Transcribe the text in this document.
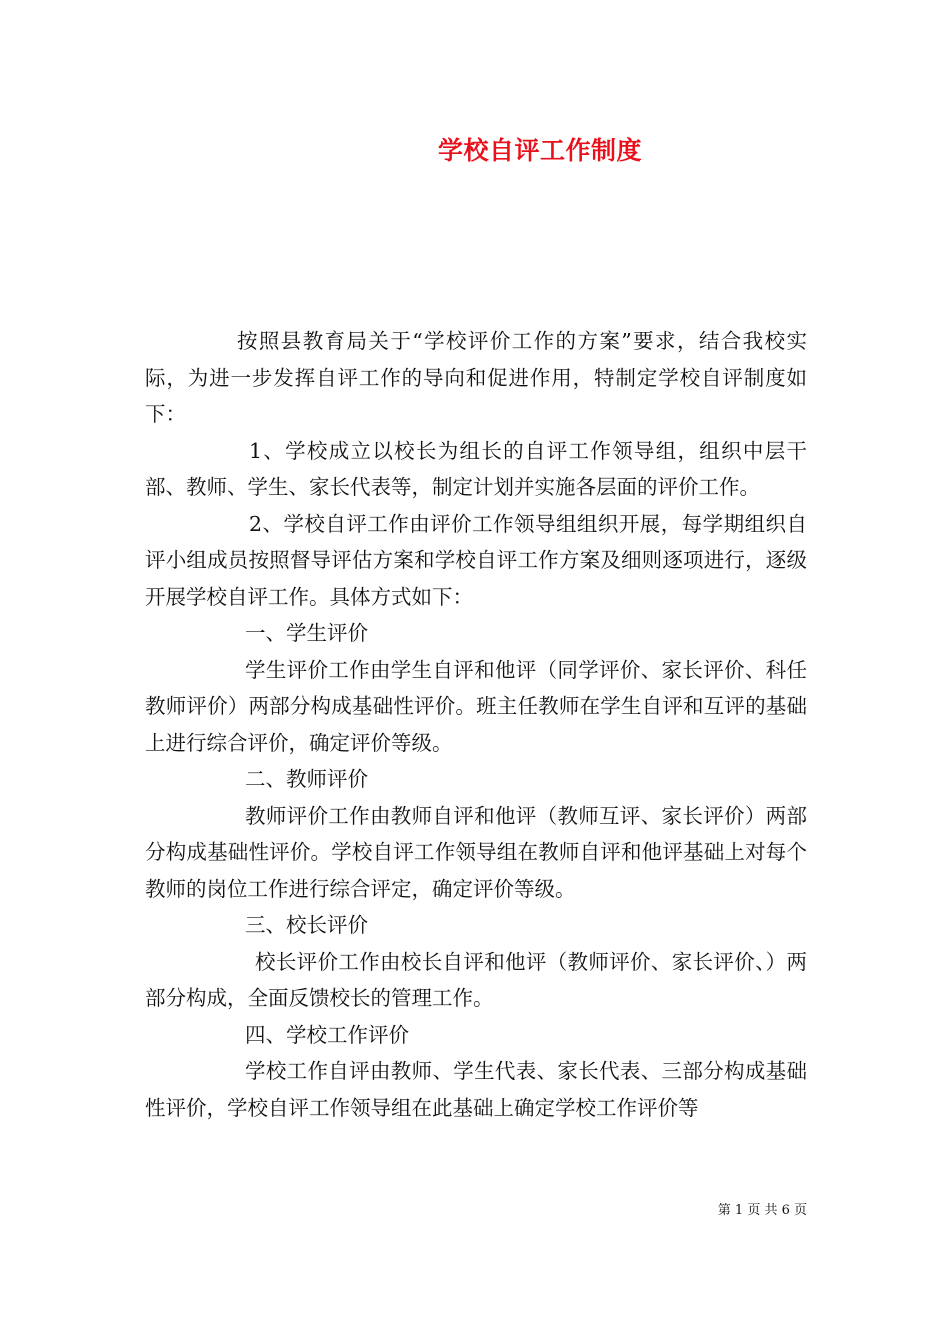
学校自评工作制度

按照县教育局关于“学校评价工作的方案”要求，结合我校实际，为进一步发挥自评工作的导向和促进作用，特制定学校自评制度如下：

1、学校成立以校长为组长的自评工作领导组，组织中层干部、教师、学生、家长代表等，制定计划并实施各层面的评价工作。

2、学校自评工作由评价工作领导组组织开展，每学期组织自评小组成员按照督导评估方案和学校自评工作方案及细则逐项进行，逐级开展学校自评工作。具体方式如下：

一、学生评价

学生评价工作由学生自评和他评（同学评价、家长评价、科任教师评价）两部分构成基础性评价。班主任教师在学生自评和互评的基础上进行综合评价，确定评价等级。

二、教师评价

教师评价工作由教师自评和他评（教师互评、家长评价）两部分构成基础性评价。学校自评工作领导组在教师自评和他评基础上对每个教师的岗位工作进行综合评定，确定评价等级。

三、校长评价

校长评价工作由校长自评和他评（教师评价、家长评价、）两部分构成，全面反馈校长的管理工作。

四、学校工作评价

学校工作自评由教师、学生代表、家长代表、三部分构成基础性评价，学校自评工作领导组在此基础上确定学校工作评价等

第 1 页 共 6 页
